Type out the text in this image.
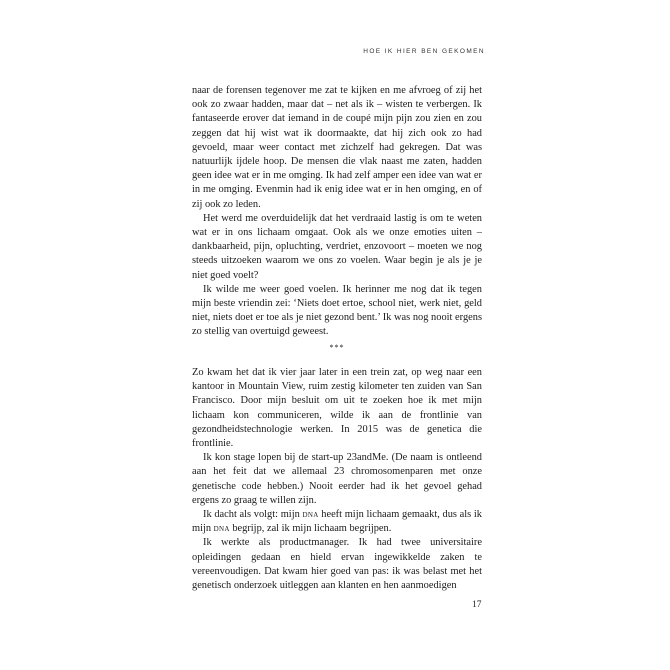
HOE IK HIER BEN GEKOMEN

naar de forensen tegenover me zat te kijken en me afvroeg of zij het ook zo zwaar hadden, maar dat – net als ik – wisten te verbergen. Ik fantaseerde erover dat iemand in de coupé mijn pijn zou zien en zou zeggen dat hij wist wat ik doormaakte, dat hij zich ook zo had gevoeld, maar weer contact met zichzelf had gekregen. Dat was natuurlijk ijdele hoop. De mensen die vlak naast me zaten, hadden geen idee wat er in me omging. Ik had zelf amper een idee van wat er in me omging. Evenmin had ik enig idee wat er in hen omging, en of zij ook zo leden.

Het werd me overduidelijk dat het verdraaid lastig is om te weten wat er in ons lichaam omgaat. Ook als we onze emoties uiten – dankbaarheid, pijn, opluchting, verdriet, enzovoort – moeten we nog steeds uitzoeken waarom we ons zo voelen. Waar begin je als je je niet goed voelt?

Ik wilde me weer goed voelen. Ik herinner me nog dat ik tegen mijn beste vriendin zei: ‘Niets doet ertoe, school niet, werk niet, geld niet, niets doet er toe als je niet gezond bent.’ Ik was nog nooit ergens zo stellig van overtuigd geweest.

***

Zo kwam het dat ik vier jaar later in een trein zat, op weg naar een kantoor in Mountain View, ruim zestig kilometer ten zuiden van San Francisco. Door mijn besluit om uit te zoeken hoe ik met mijn lichaam kon communiceren, wilde ik aan de frontlinie van gezondheidstechnologie werken. In 2015 was de genetica die frontlinie.

Ik kon stage lopen bij de start-up 23andMe. (De naam is ontleend aan het feit dat we allemaal 23 chromosomenparen met onze genetische code hebben.) Nooit eerder had ik het gevoel gehad ergens zo graag te willen zijn.

Ik dacht als volgt: mijn dna heeft mijn lichaam gemaakt, dus als ik mijn dna begrijp, zal ik mijn lichaam begrijpen.

Ik werkte als productmanager. Ik had twee universitaire opleidingen gedaan en hield ervan ingewikkelde zaken te vereenvoudigen. Dat kwam hier goed van pas: ik was belast met het genetisch onderzoek uitleggen aan klanten en hen aanmoedigen

17
